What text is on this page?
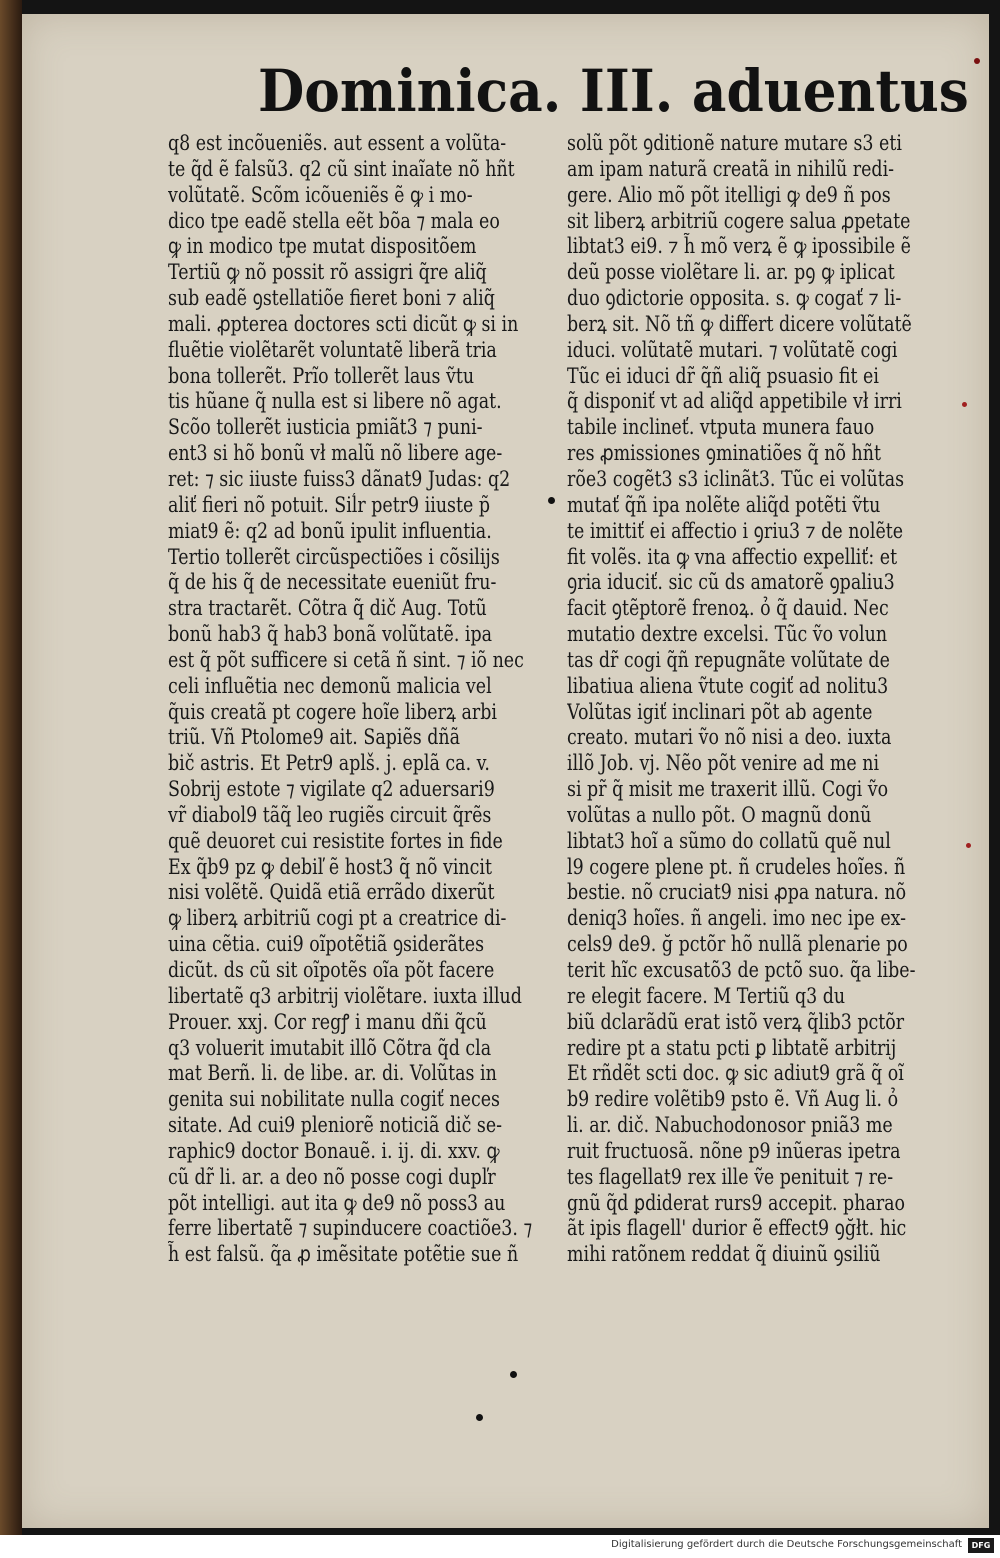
Dominica. III. aduentus
q8 est incõueniẽs. aut essent a volũta-
te q̃d ẽ falsũ3. q2 cũ sint inaĩate nõ hñt
volũtatẽ. Scõm icõueniẽs ẽ ꝙ i mo-
dico tpe eadẽ stella eẽt bõa ⁊ mala eo
ꝙ in modico tpe mutat dispositõem
Tertiũ ꝙ nõ possit rõ assigri q̃re aliq̃
sub eadẽ ꝯstellatiõe fieret boni ⁊ aliq̃
mali. ꝓpterea doctores scti dicũt ꝙ si in
fluẽtie violẽtarẽt voluntatẽ liberã tria
bona tollerẽt. Prĩo tollerẽt laus ṽtu
tis hũane q̃ nulla est si libere nõ agat.
Scõo tollerẽt iusticia pmiãt3 ⁊ puni-
ent3 si hõ bonũ vł malũ nõ libere age-
ret: ⁊ sic iiuste fuiss3 dãnat9 Judas: q2
aliť fieri nõ potuit. Siĺr petr9 iiuste p̃
miat9 ẽ: q2 ad bonũ ipulit influentia.
Tertio tollerẽt circũspectiões i cõsilijs
q̃ de his q̃ de necessitate eueniũt fru-
stra tractarẽt. Cõtra q̃ dič Aug. Totũ
bonũ hab3 q̃ hab3 bonã volũtatẽ. ipa
est q̃ põt sufficere si cetã ñ sint. ⁊ iõ nec
celi influẽtia nec demonũ malicia vel
q̃uis creatã pt cogere hoĩe liberꝝ arbi
triũ. Vñ Ptolome9 ait. Sapiẽs dñã
bič astris. Et Petr9 aplš. j. eplã ca. v.
Sobrij estote ⁊ vigilate q2 aduersari9
vr̃ diabol9 tãq̃ leo rugiẽs circuit q̃rẽs
quẽ deuoret cui resistite fortes in fide
Ex q̃b9 pz ꝙ debiľ ẽ host3 q̃ nõ vincit
nisi volẽtẽ. Quidã etiã errãdo dixerũt
ꝙ liberꝝ arbitriũ cogi pt a creatrice di-
uina cẽtia. cui9 oĩpotẽtiã ꝯsiderãtes
dicũt. ds cũ sit oĩpotẽs oĩa põt facere
libertatẽ q3 arbitrij violẽtare. iuxta illud
Prouer. xxj. Cor regꝭ i manu dñi q̃cũ
q3 voluerit imutabit illõ Cõtra q̃d cla
mat Berñ. li. de libe. ar. di. Volũtas in
genita sui nobilitate nulla cogiť neces
sitate. Ad cui9 pleniorẽ noticiã dič se-
raphic9 doctor Bonauẽ. i. ij. di. xxv. ꝙ
cũ dr̃ li. ar. a deo nõ posse cogi dupľr
põt intelligi. aut ita ꝙ de9 nõ poss3 au
ferre libertatẽ ⁊ supinducere coactiõe3. ⁊
h̃ est falsũ. q̃a ꝓ imẽsitate potẽtie sue ñ
solũ põt ꝯditionẽ nature mutare s3 eti
am ipam naturã creatã in nihilũ redi-
gere. Alio mõ põt itelligi ꝙ de9 ñ pos
sit liberꝝ arbitriũ cogere salua ꝓpetate
libtat3 ei9. ⁊ h̃ mõ verꝝ ẽ ꝙ ipossibile ẽ
deũ posse violẽtare li. ar. pꝯ ꝙ iplicat
duo ꝯdictorie opposita. s. ꝙ cogať ⁊ li-
berꝝ sit. Nõ tñ ꝙ differt dicere volũtatẽ
iduci. volũtatẽ mutari. ⁊ volũtatẽ cogi
Tũc ei iduci dr̃ q̃ñ aliq̃ psuasio fit ei
q̃ disponiť vt ad aliq̃d appetibile vł irri
tabile inclineť. vtputa munera fauo
res ꝓmissiones ꝯminatiões q̃ nõ hñt
rõe3 cogẽt3 s3 iclinãt3. Tũc ei volũtas
mutať q̃ñ ipa nolẽte aliq̃d potẽti ṽtu
te imittiť ei affectio i ꝯriu3 ⁊ de nolẽte
fit volẽs. ita ꝙ vna affectio expelliť: et
ꝯria iduciť. sic cũ ds amatorẽ ꝯpaliu3
facit ꝯtẽptorẽ frenoꝝ. ỏ q̃ dauid. Nec
mutatio dextre excelsi. Tũc ṽo volun
tas dr̃ cogi q̃ñ repugnãte volũtate de
libatiua aliena ṽtute cogiť ad nolitu3
Volũtas igiť inclinari põt ab agente
creato. mutari ṽo nõ nisi a deo. iuxta
illõ Job. vj. Nẽo põt venire ad me ni
si pr̃ q̃ misit me traxerit illũ. Cogi ṽo
volũtas a nullo põt. O magnũ donũ
libtat3 hoĩ a sũmo do collatũ quẽ nul
l9 cogere plene pt. ñ crudeles hoĩes. ñ
bestie. nõ cruciat9 nisi ꝓpa natura. nõ
deniq3 hoĩes. ñ angeli. imo nec ipe ex-
cels9 de9. ğ pctõr hõ nullã plenarie po
terit hĩc excusatõ3 de pctõ suo. q̃a libe-
re elegit facere. M Tertiũ q3 du
biũ dclarãdũ erat istõ verꝝ q̃lib3 pctõr
redire pt a statu pcti ꝑ libtatẽ arbitrij
Et rñdẽt scti doc. ꝙ sic adiut9 grã q̃ oĩ
b9 redire volẽtib9 psto ẽ. Vñ Aug li. ỏ
li. ar. dič. Nabuchodonosor pniã3 me
ruit fructuosã. nõne p9 inũeras ipetra
tes flagellat9 rex ille ṽe penituit ⁊ re-
gnũ q̃d ꝑdiderat rurs9 accepit. pharao
ãt ipis flagell' durior ẽ effect9 ꝯğłt. hic
mihi ratõnem reddat q̃ diuinũ ꝯsiliũ
Digitalisierung gefördert durch die Deutsche Forschungsgemeinschaft	DFG
